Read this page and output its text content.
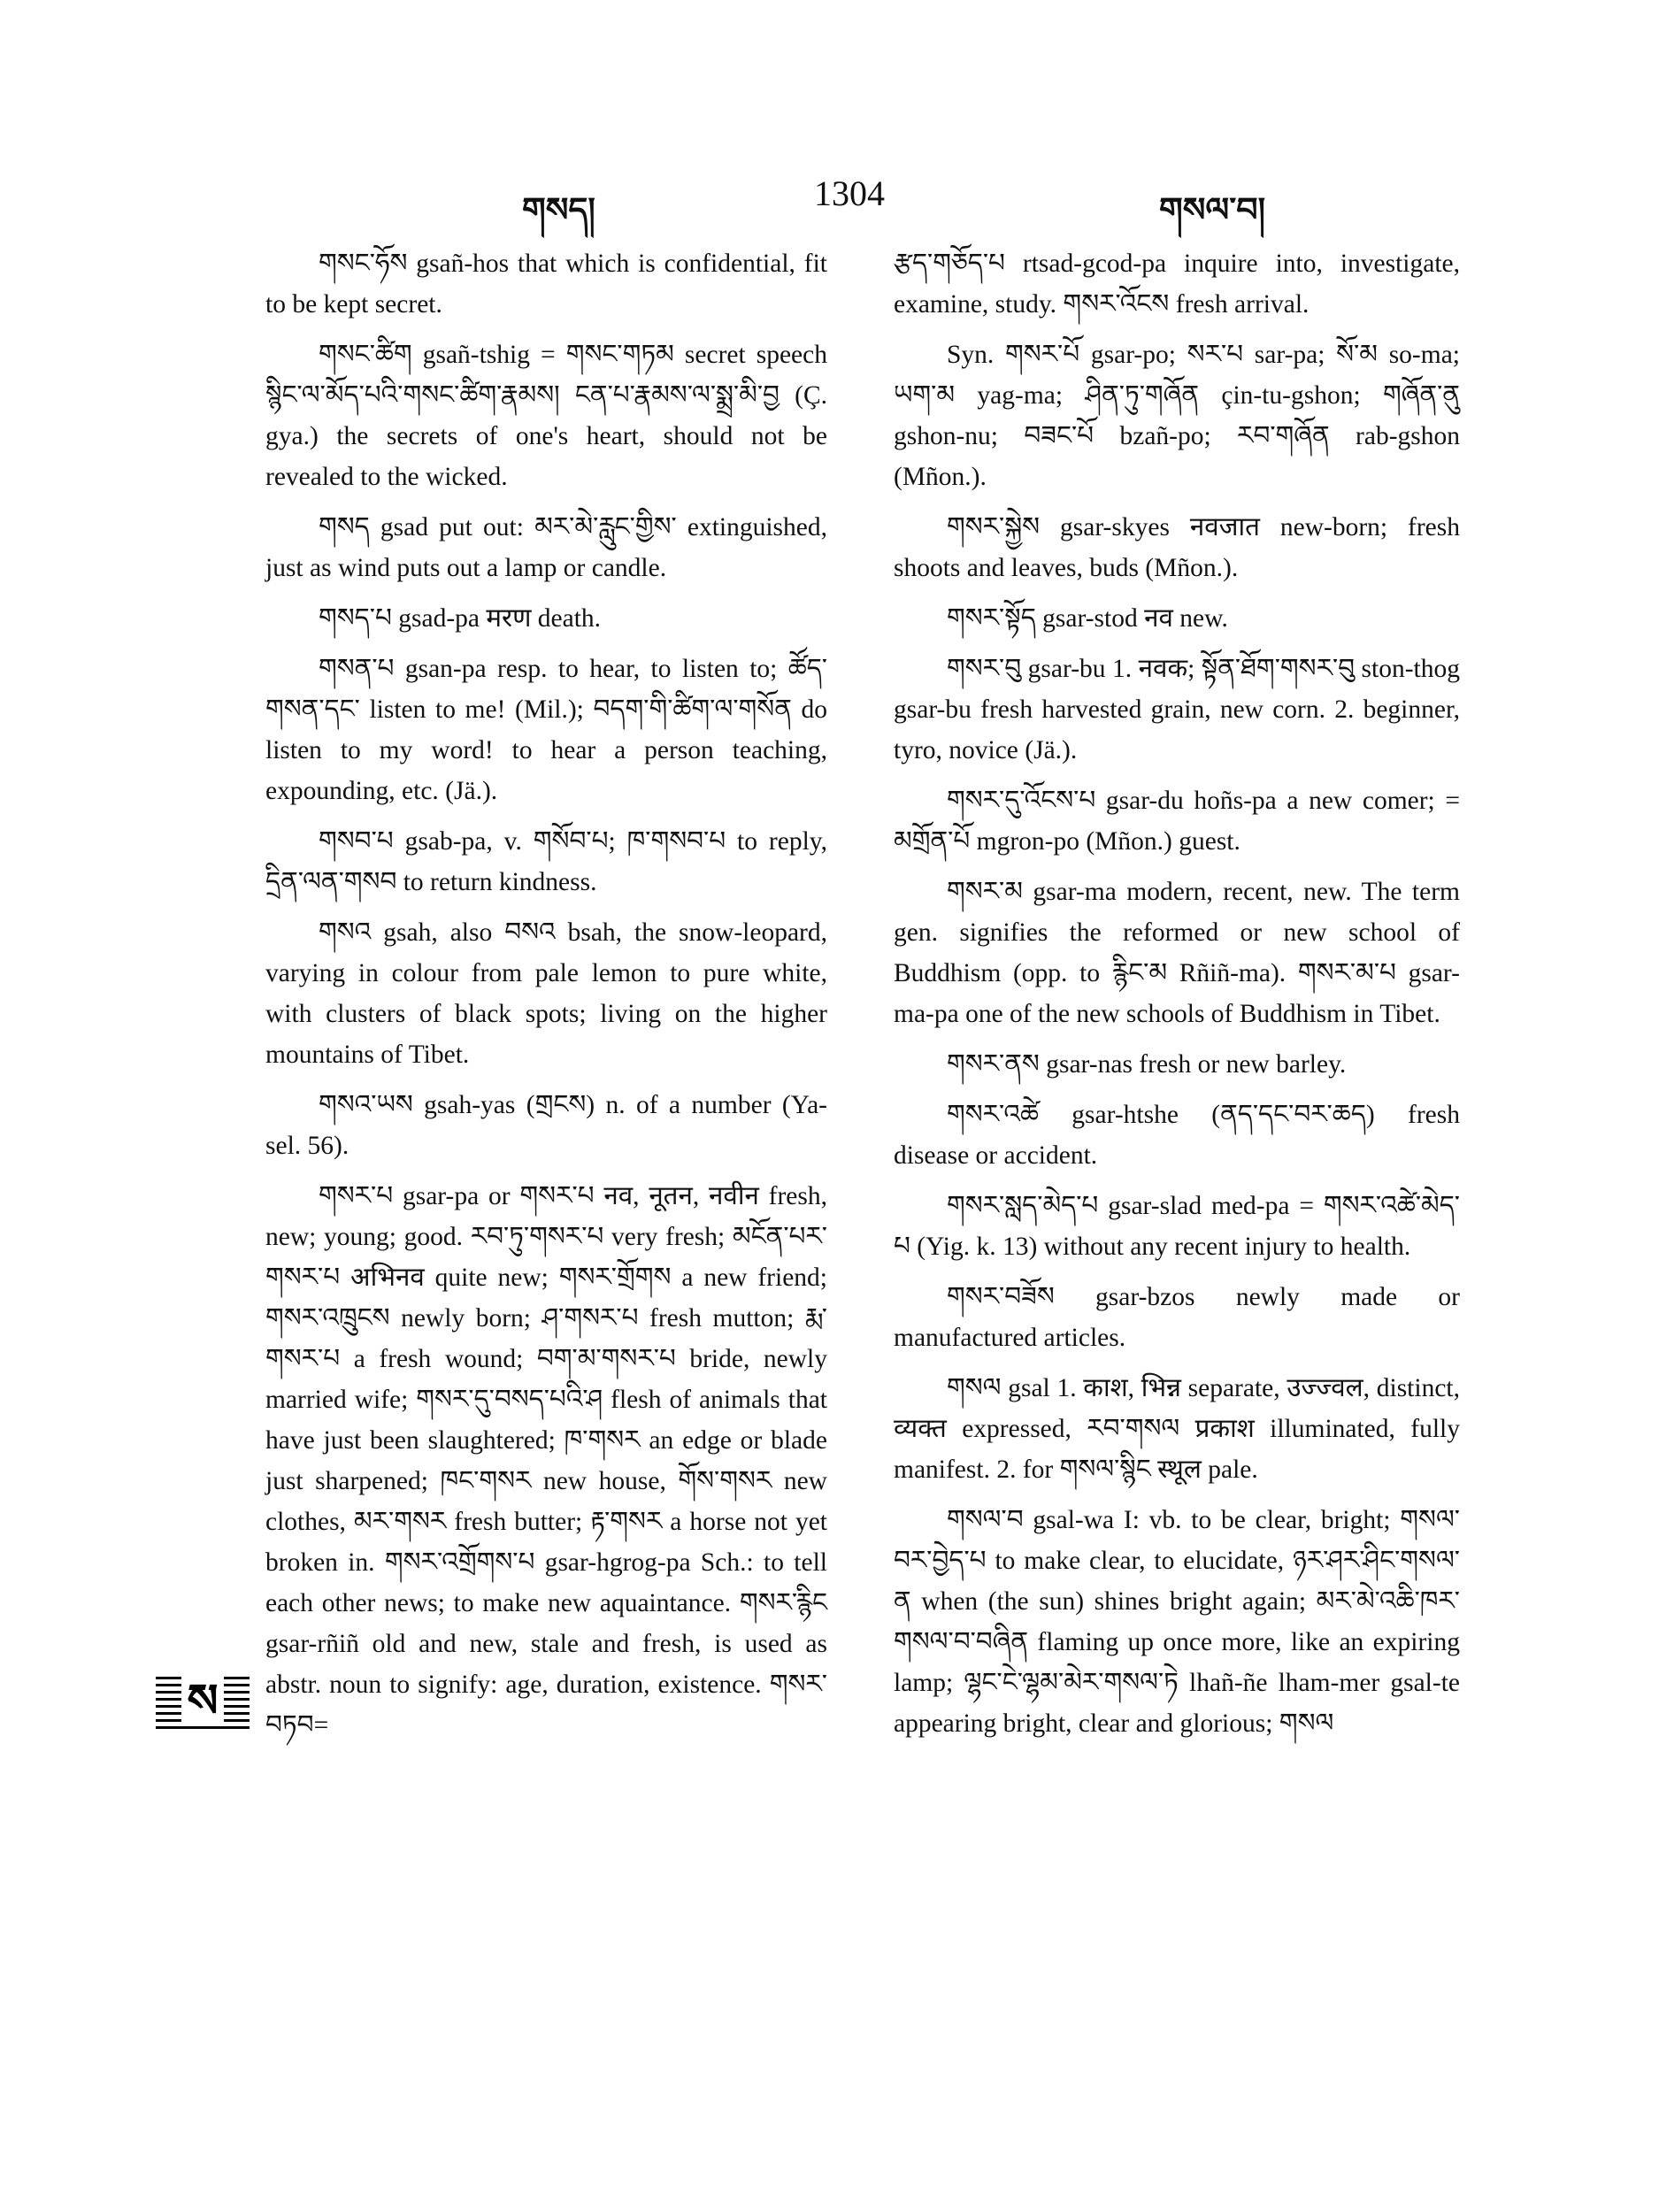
གསད།	1304	གསལ་བ།

གསང་ཧོས gsañ-hos that which is confidential, fit to be kept secret.

གསང་ཚིག gsañ-tshig = གསང་གཏམ secret speech སྙིང་ལ་མོད་པའི་གསང་ཚིག་རྣམས། ངན་པ་རྣམས་ལ་སྨྲ་མི་བྱ (Ç. gya.) the secrets of one's heart, should not be revealed to the wicked.

གསད gsad put out: མར་མེ་རླུང་གྱིས་ extinguished, just as wind puts out a lamp or candle.

གསད་པ gsad-pa मरण death.

གསན་པ gsan-pa resp. to hear, to listen to; ཚོད་གསན་དང་ listen to me! (Mil.); བདག་གི་ཚིག་ལ་གསོན do listen to my word! to hear a person teaching, expounding, etc. (Jä.).

གསབ་པ gsab-pa, v. གསོབ་པ; ཁ་གསབ་པ to reply, དྲིན་ལན་གསབ to return kindness.

གསའ gsah, also བསའ bsah, the snow-leopard, varying in colour from pale lemon to pure white, with clusters of black spots; living on the higher mountains of Tibet.

གསའ་ཡས gsah-yas (གྲངས) n. of a number (Ya-sel. 56).

གསར་པ gsar-pa or གསར་པ नव, नूतन, नवीन fresh, new; young; good. རབ་ཏུ་གསར་པ very fresh; མངོན་པར་གསར་པ अभिनव quite new; གསར་གྲོགས a new friend; གསར་འཁྲུངས newly born; ཤ་གསར་པ fresh mutton; རྨ་གསར་པ a fresh wound; བག་མ་གསར་པ bride, newly married wife; གསར་དུ་བསད་པའི་ཤ flesh of animals that have just been slaughtered; ཁ་གསར an edge or blade just sharpened; ཁང་གསར new house, གོས་གསར new clothes, མར་གསར fresh butter; རྟ་གསར a horse not yet broken in. གསར་འགྲོགས་པ gsar-hgrog-pa Sch.: to tell each other news; to make new aquaintance. གསར་རྙིང gsar-rñiñ old and new, stale and fresh, is used as abstr. noun to signify: age, duration, existence. གསར་བཏབ=

རྩད་གཅོད་པ rtsad-gcod-pa inquire into, investigate, examine, study. གསར་འོངས fresh arrival.

Syn. གསར་པོ gsar-po; སར་པ sar-pa; སོ་མ so-ma; ཡག་མ yag-ma; ཤིན་ཏུ་གཞོན çin-tu-gshon; གཞོན་ནུ gshon-nu; བཟང་པོ bzañ-po; རབ་གཞོན rab-gshon (Mñon.).

གསར་སྐྱེས gsar-skyes नवजात new-born; fresh shoots and leaves, buds (Mñon.).

གསར་སྟོད gsar-stod नव new.

གསར་བུ gsar-bu 1. नवक; སྟོན་ཐོག་གསར་བུ ston-thog gsar-bu fresh harvested grain, new corn. 2. beginner, tyro, novice (Jä.).

གསར་དུ་འོངས་པ gsar-du hoñs-pa a new comer; = མགྲོན་པོ mgron-po (Mñon.) guest.

གསར་མ gsar-ma modern, recent, new. The term gen. signifies the reformed or new school of Buddhism (opp. to རྙིང་མ Rñiñ-ma). གསར་མ་པ gsar-ma-pa one of the new schools of Buddhism in Tibet.

གསར་ནས gsar-nas fresh or new barley.

གསར་འཚེ gsar-htshe (ནད་དང་བར་ཆད) fresh disease or accident.

གསར་སླད་མེད་པ gsar-slad med-pa = གསར་འཚེ་མེད་པ (Yig. k. 13) without any recent injury to health.

གསར་བཟོས gsar-bzos newly made or manufactured articles.

གསལ gsal 1. काश, भिन्न separate, उज्ज्वल, distinct, व्यक्त expressed, རབ་གསལ प्रकाश illuminated, fully manifest. 2. for གསལ་སྙིང स्थूल pale.

གསལ་བ gsal-wa I: vb. to be clear, bright; གསལ་བར་བྱེད་པ to make clear, to elucidate, ཉར་ཤར་ཤིང་གསལ་ན when (the sun) shines bright again; མར་མེ་འཆི་ཁར་གསལ་བ་བཞིན flaming up once more, like an expiring lamp; ལྷང་ངེ་ལྷམ་མེར་གསལ་ཏེ lhañ-ñe lham-mer gsal-te appearing bright, clear and glorious; གསལ

ས
